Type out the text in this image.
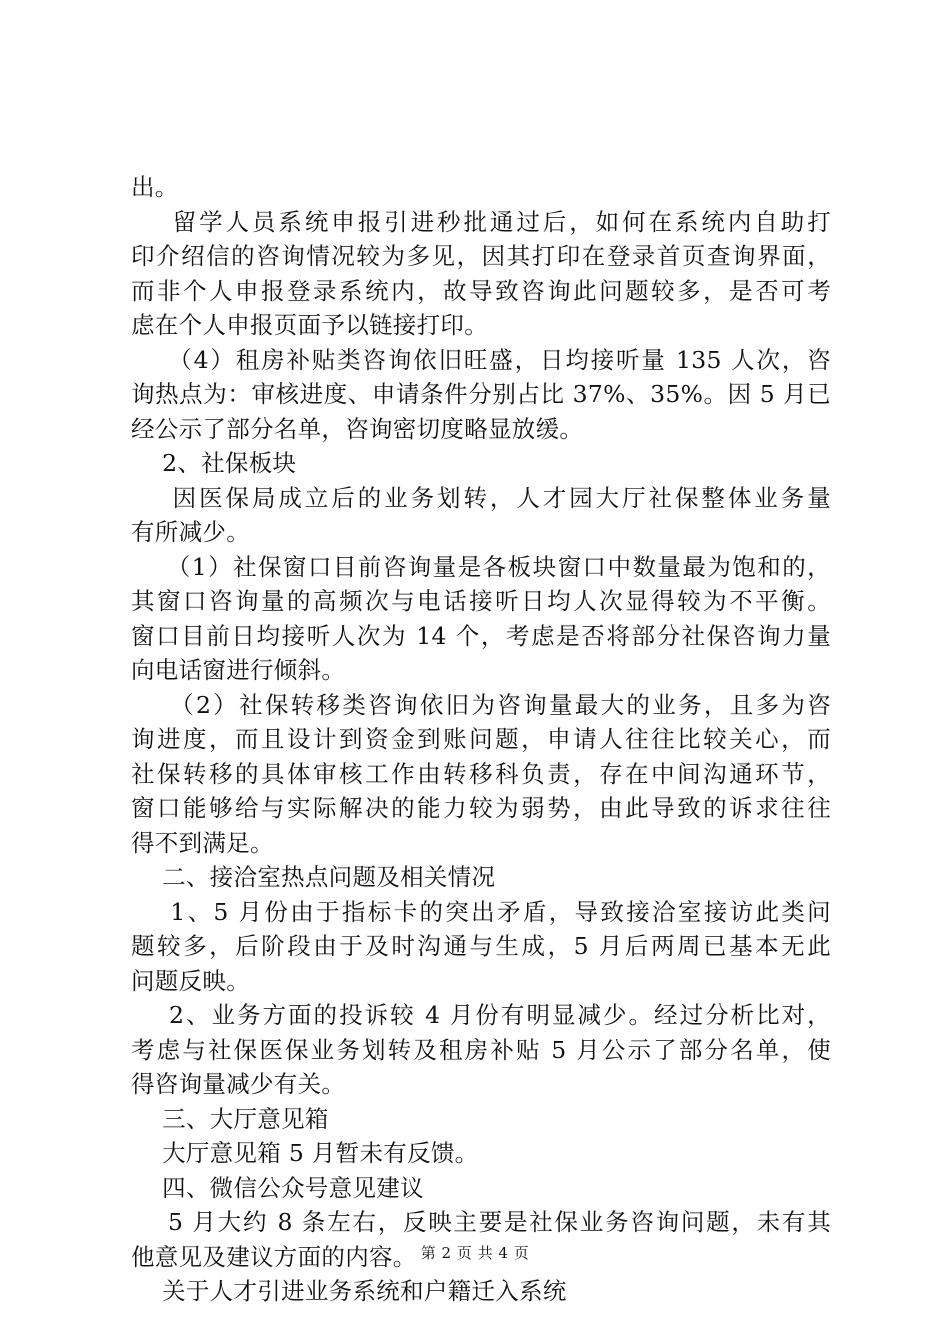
出。
留学人员系统申报引进秒批通过后，如何在系统内自助打
印介绍信的咨询情况较为多见，因其打印在登录首页查询界面，
而非个人申报登录系统内，故导致咨询此问题较多，是否可考
虑在个人申报页面予以链接打印。
（4）租房补贴类咨询依旧旺盛，日均接听量 135 人次，咨
询热点为：审核进度、申请条件分别占比 37%、35%。因 5 月已
经公示了部分名单，咨询密切度略显放缓。
2、社保板块
因医保局成立后的业务划转，人才园大厅社保整体业务量
有所减少。
（1）社保窗口目前咨询量是各板块窗口中数量最为饱和的，
其窗口咨询量的高频次与电话接听日均人次显得较为不平衡。
窗口目前日均接听人次为 14 个，考虑是否将部分社保咨询力量
向电话窗进行倾斜。
（2）社保转移类咨询依旧为咨询量最大的业务，且多为咨
询进度，而且设计到资金到账问题，申请人往往比较关心，而
社保转移的具体审核工作由转移科负责，存在中间沟通环节，
窗口能够给与实际解决的能力较为弱势，由此导致的诉求往往
得不到满足。
二、接洽室热点问题及相关情况
1、5 月份由于指标卡的突出矛盾，导致接洽室接访此类问
题较多，后阶段由于及时沟通与生成，5 月后两周已基本无此
问题反映。
2、业务方面的投诉较 4 月份有明显减少。经过分析比对，
考虑与社保医保业务划转及租房补贴 5 月公示了部分名单，使
得咨询量减少有关。
三、大厅意见箱
大厅意见箱 5 月暂未有反馈。
四、微信公众号意见建议
5 月大约 8 条左右，反映主要是社保业务咨询问题，未有其
他意见及建议方面的内容。
关于人才引进业务系统和户籍迁入系统
第 2 页 共 4 页
